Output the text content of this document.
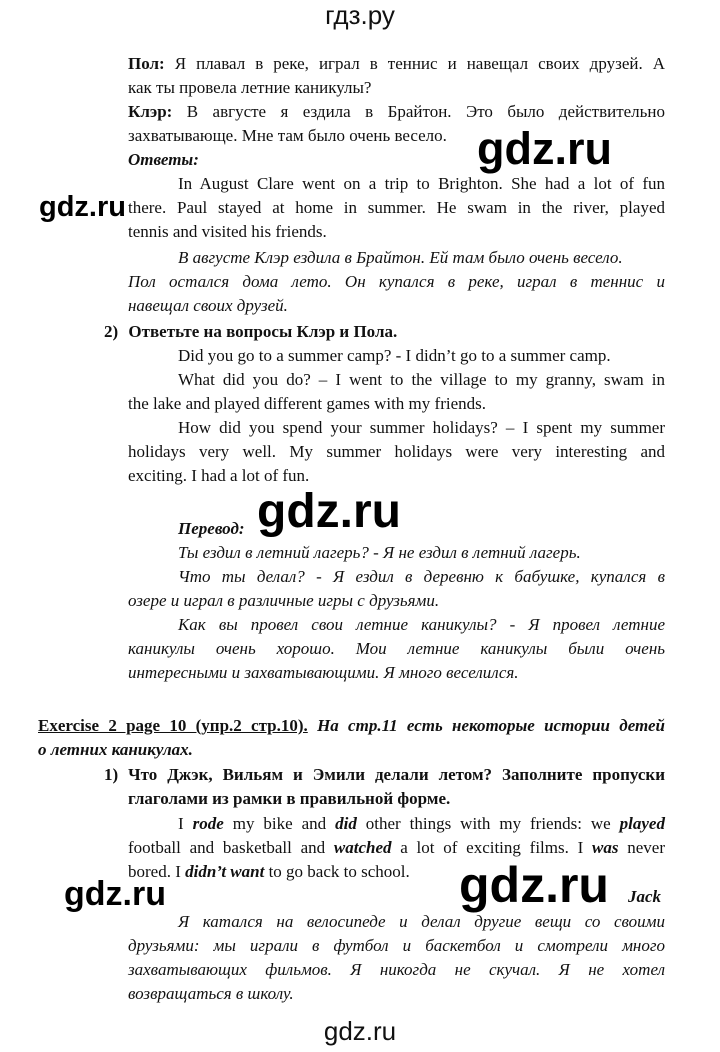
гдз.ру
Пол: Я плавал в реке, играл в теннис и навещал своих друзей. А
как ты провела летние каникулы?
Клэр: В августе я ездила в Брайтон. Это было действительно
захватывающе. Мне там было очень весело.
Ответы:
In August Clare went on a trip to Brighton. She had a lot of fun
there. Paul stayed at home in summer. He swam in the river, played
tennis and visited his friends.
В августе Клэр ездила в Брайтон. Ей там было очень весело.
Пол остался дома лето. Он купался в реке, играл в теннис и
навещал своих друзей.
2) Ответьте на вопросы Клэр и Пола.
Did you go to a summer camp? - I didn’t go to a summer camp.
What did you do? – I went to the village to my granny, swam in
the lake and played different games with my friends.
How did you spend your summer holidays? – I spent my summer
holidays very well. My summer holidays were very interesting and
exciting. I had a lot of fun.
Перевод:
Ты ездил в летний лагерь? - Я не ездил в летний лагерь.
Что ты делал? - Я ездил в деревню к бабушке, купался в
озере и играл в различные игры с друзьями.
Как вы провел свои летние каникулы? - Я провел летние
каникулы очень хорошо. Мои летние каникулы были очень
интересными и захватывающими. Я много веселился.
Exercise 2 page 10 (упр.2 стр.10). На стр.11 есть некоторые истории детей
о летних каникулах.
1) Что Джэк, Вильям и Эмили делали летом? Заполните пропуски
глаголами из рамки в правильной форме.
I rode my bike and did other things with my friends: we played
football and basketball and watched a lot of exciting films. I was never
bored. I didn’t want to go back to school.
Jack
Я катался на велосипеде и делал другие вещи со своими
друзьями: мы играли в футбол и баскетбол и смотрели много
захватывающих фильмов. Я никогда не скучал. Я не хотел
возвращаться в школу.
gdz.ru
gdz.ru
gdz.ru
gdz.ru	gdz.ru
gdz.ru
